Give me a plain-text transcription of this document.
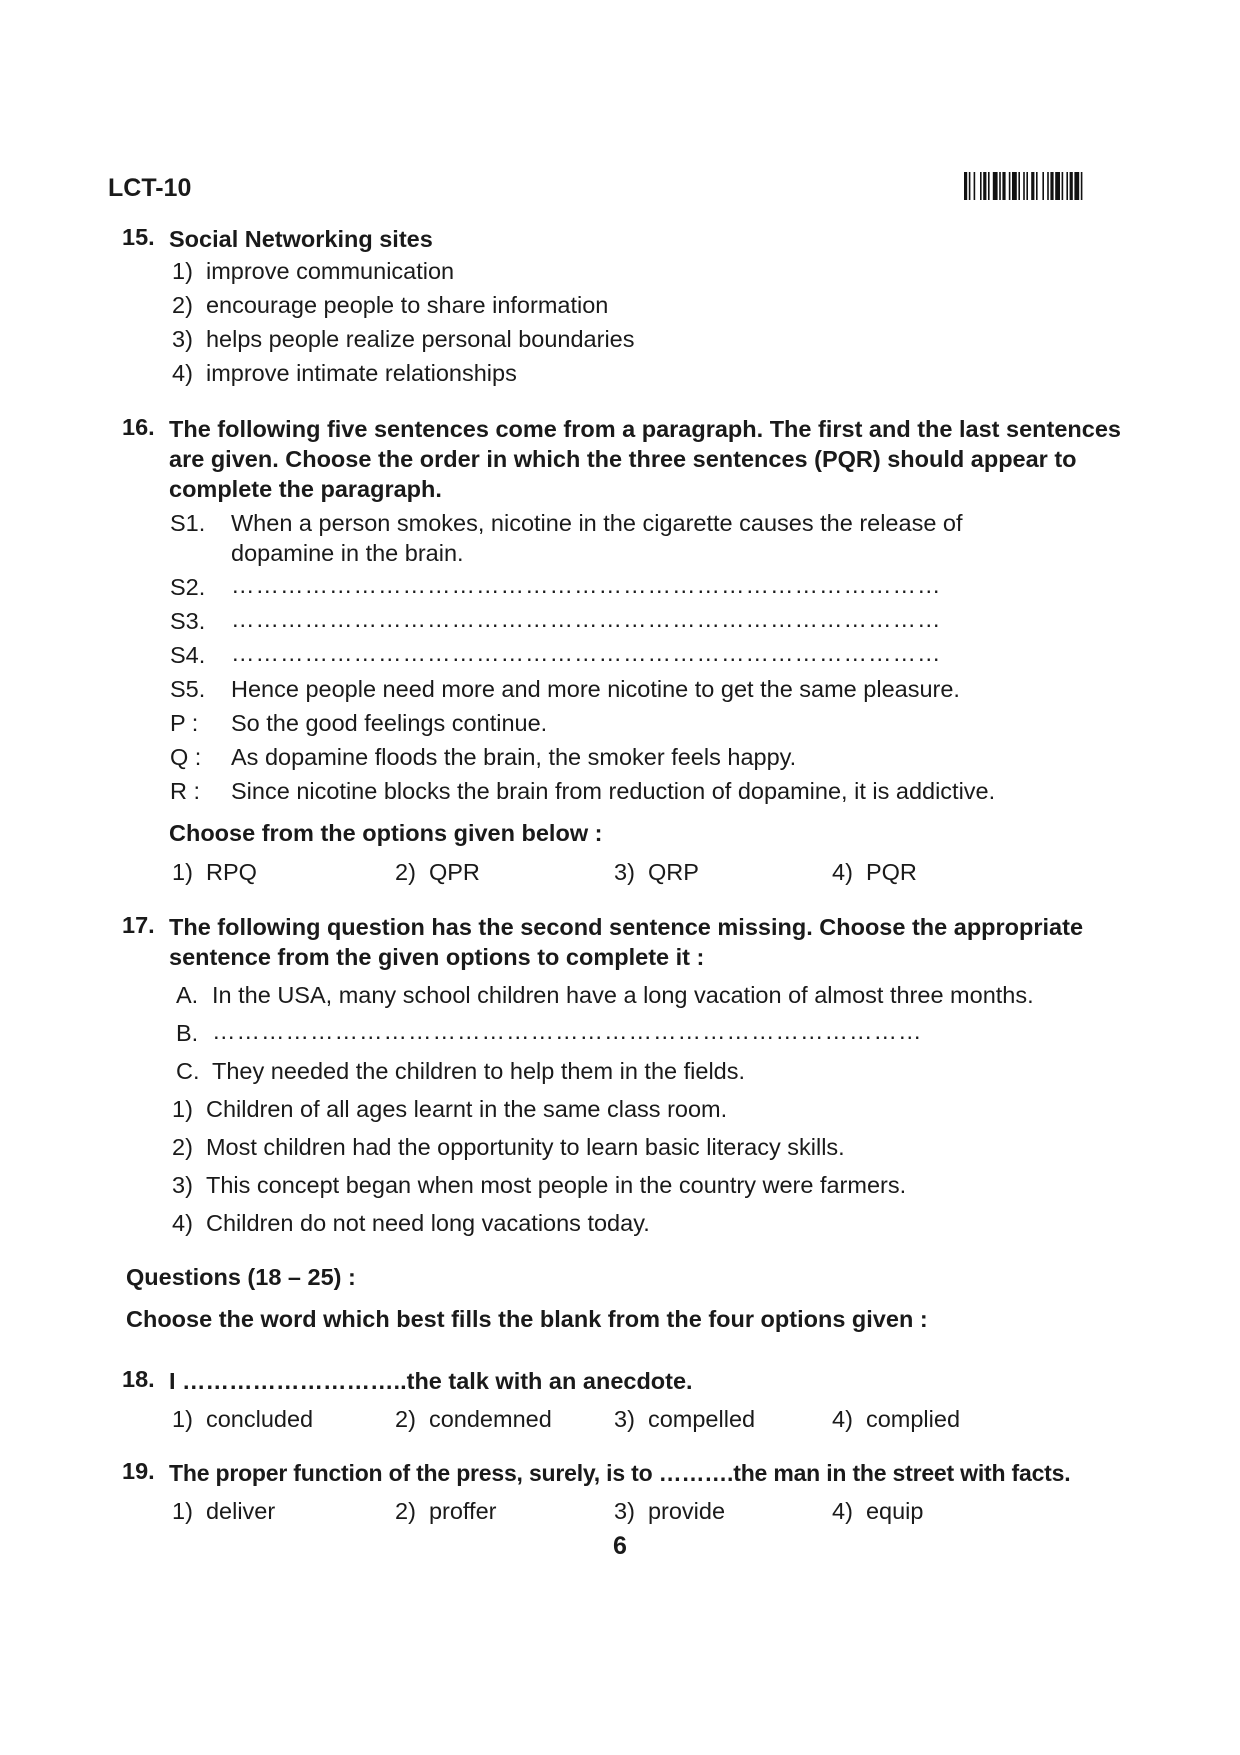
LCT-10
15. Social Networking sites
1) improve communication
2) encourage people to share information
3) helps people realize personal boundaries
4) improve intimate relationships
16. The following five sentences come from a paragraph. The first and the last sentences are given. Choose the order in which the three sentences (PQR) should appear to complete the paragraph.
S1. When a person smokes, nicotine in the cigarette causes the release of dopamine in the brain.
S2. ……………………………………………………………………………
S3. ……………………………………………………………………………
S4. ……………………………………………………………………………
S5. Hence people need more and more nicotine to get the same pleasure.
P : So the good feelings continue.
Q : As dopamine floods the brain, the smoker feels happy.
R : Since nicotine blocks the brain from reduction of dopamine, it is addictive.
Choose from the options given below :
1) RPQ	2) QPR	3) QRP	4) PQR
17. The following question has the second sentence missing. Choose the appropriate sentence from the given options to complete it :
A. In the USA, many school children have a long vacation of almost three months.
B. ……………………………………………………………………………
C. They needed the children to help them in the fields.
1) Children of all ages learnt in the same class room.
2) Most children had the opportunity to learn basic literacy skills.
3) This concept began when most people in the country were farmers.
4) Children do not need long vacations today.
Questions (18 – 25) :
Choose the word which best fills the blank from the four options given :
18. I ………………………..the talk with an anecdote.
1) concluded	2) condemned	3) compelled	4) complied
19. The proper function of the press, surely, is to ……….the man in the street with facts.
1) deliver	2) proffer	3) provide	4) equip
6
